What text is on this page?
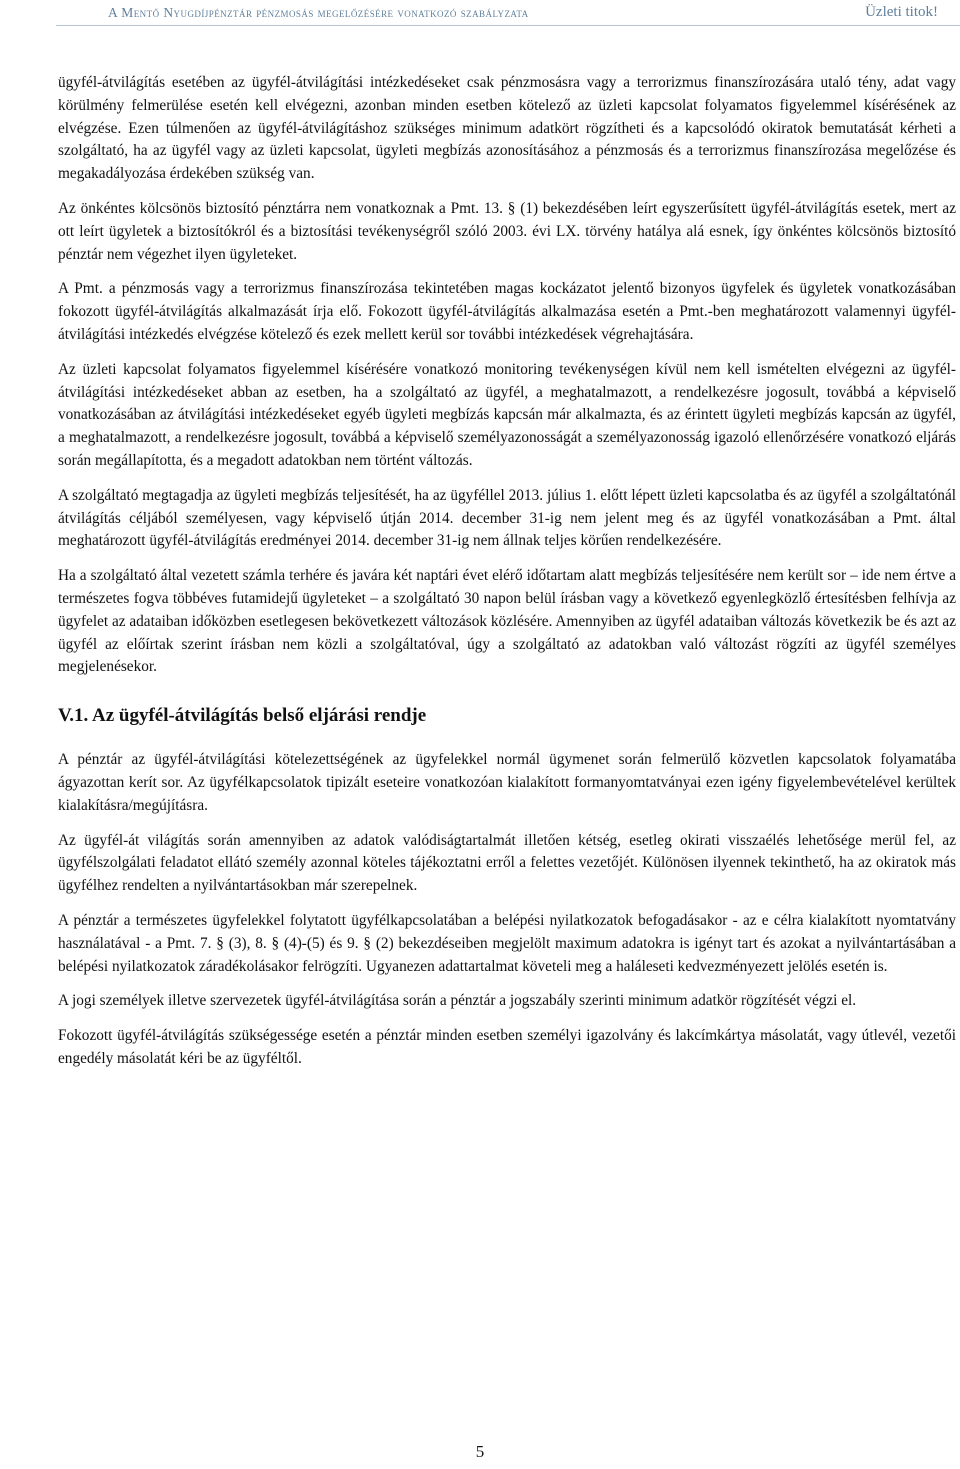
A Mentő Nyugdíjpénztár pénzmosás megelőzésére vonatkozó szabályzata	Üzleti titok!

ügyfél-átvilágítás esetében az ügyfél-átvilágítási intézkedéseket csak pénzmosásra vagy a terrorizmus finanszírozására utaló tény, adat vagy körülmény felmerülése esetén kell elvégezni, azonban minden esetben kötelező az üzleti kapcsolat folyamatos figyelemmel kísérésének az elvégzése. Ezen túlmenően az ügyfél-átvilágításhoz szükséges minimum adatkört rögzítheti és a kapcsolódó okiratok bemutatását kérheti a szolgáltató, ha az ügyfél vagy az üzleti kapcsolat, ügyleti megbízás azonosításához a pénzmosás és a terrorizmus finanszírozása megelőzése és megakadályozása érdekében szükség van.

Az önkéntes kölcsönös biztosító pénztárra nem vonatkoznak a Pmt. 13. § (1) bekezdésében leírt egyszerűsített ügyfél-átvilágítás esetek, mert az ott leírt ügyletek a biztosítókról és a biztosítási tevékenységről szóló 2003. évi LX. törvény hatálya alá esnek, így önkéntes kölcsönös biztosító pénztár nem végezhet ilyen ügyleteket.

A Pmt. a pénzmosás vagy a terrorizmus finanszírozása tekintetében magas kockázatot jelentő bizonyos ügyfelek és ügyletek vonatkozásában fokozott ügyfél-átvilágítás alkalmazását írja elő. Fokozott ügyfél-átvilágítás alkalmazása esetén a Pmt.-ben meghatározott valamennyi ügyfél-átvilágítási intézkedés elvégzése kötelező és ezek mellett kerül sor további intézkedések végrehajtására.

Az üzleti kapcsolat folyamatos figyelemmel kísérésére vonatkozó monitoring tevékenységen kívül nem kell ismételten elvégezni az ügyfél-átvilágítási intézkedéseket abban az esetben, ha a szolgáltató az ügyfél, a meghatalmazott, a rendelkezésre jogosult, továbbá a képviselő vonatkozásában az átvilágítási intézkedéseket egyéb ügyleti megbízás kapcsán már alkalmazta, és az érintett ügyleti megbízás kapcsán az ügyfél, a meghatalmazott, a rendelkezésre jogosult, továbbá a képviselő személyazonosságát a személyazonosság igazoló ellenőrzésére vonatkozó eljárás során megállapította, és a megadott adatokban nem történt változás.

A szolgáltató megtagadja az ügyleti megbízás teljesítését, ha az ügyféllel 2013. július 1. előtt lépett üzleti kapcsolatba és az ügyfél a szolgáltatónál átvilágítás céljából személyesen, vagy képviselő útján 2014. december 31-ig nem jelent meg és az ügyfél vonatkozásában a Pmt. által meghatározott ügyfél-átvilágítás eredményei 2014. december 31-ig nem állnak teljes körűen rendelkezésére.

Ha a szolgáltató által vezetett számla terhére és javára két naptári évet elérő időtartam alatt megbízás teljesítésére nem került sor – ide nem értve a természetes fogva többéves futamidejű ügyleteket – a szolgáltató 30 napon belül írásban vagy a következő egyenlegközlő értesítésben felhívja az ügyfelet az adataiban időközben esetlegesen bekövetkezett változások közlésére. Amennyiben az ügyfél adataiban változás következik be és azt az ügyfél az előírtak szerint írásban nem közli a szolgáltatóval, úgy a szolgáltató az adatokban való változást rögzíti az ügyfél személyes megjelenésekor.

V.1. Az ügyfél-átvilágítás belső eljárási rendje

A pénztár az ügyfél-átvilágítási kötelezettségének az ügyfelekkel normál ügymenet során felmerülő közvetlen kapcsolatok folyamatába ágyazottan kerít sor. Az ügyfélkapcsolatok tipizált eseteire vonatkozóan kialakított formanyomtatványai ezen igény figyelembevételével kerültek kialakításra/megújításra.

Az ügyfél-át világítás során amennyiben az adatok valódiságtartalmát illetően kétség, esetleg okirati visszaélés lehetősége merül fel, az ügyfélszolgálati feladatot ellátó személy azonnal köteles tájékoztatni erről a felettes vezetőjét. Különösen ilyennek tekinthető, ha az okiratok más ügyfélhez rendelten a nyilvántartásokban már szerepelnek.

A pénztár a természetes ügyfelekkel folytatott ügyfélkapcsolatában a belépési nyilatkozatok befogadásakor - az e célra kialakított nyomtatvány használatával - a Pmt. 7. § (3), 8. § (4)-(5) és 9. § (2) bekezdéseiben megjelölt maximum adatokra is igényt tart és azokat a nyilvántartásában a belépési nyilatkozatok záradékolásakor felrögzíti. Ugyanezen adattartalmat követeli meg a haláleseti kedvezményezett jelölés esetén is.

A jogi személyek illetve szervezetek ügyfél-átvilágítása során a pénztár a jogszabály szerinti minimum adatkör rögzítését végzi el.

Fokozott ügyfél-átvilágítás szükségessége esetén a pénztár minden esetben személyi igazolvány és lakcímkártya másolatát, vagy útlevél, vezetői engedély másolatát kéri be az ügyféltől.

5
